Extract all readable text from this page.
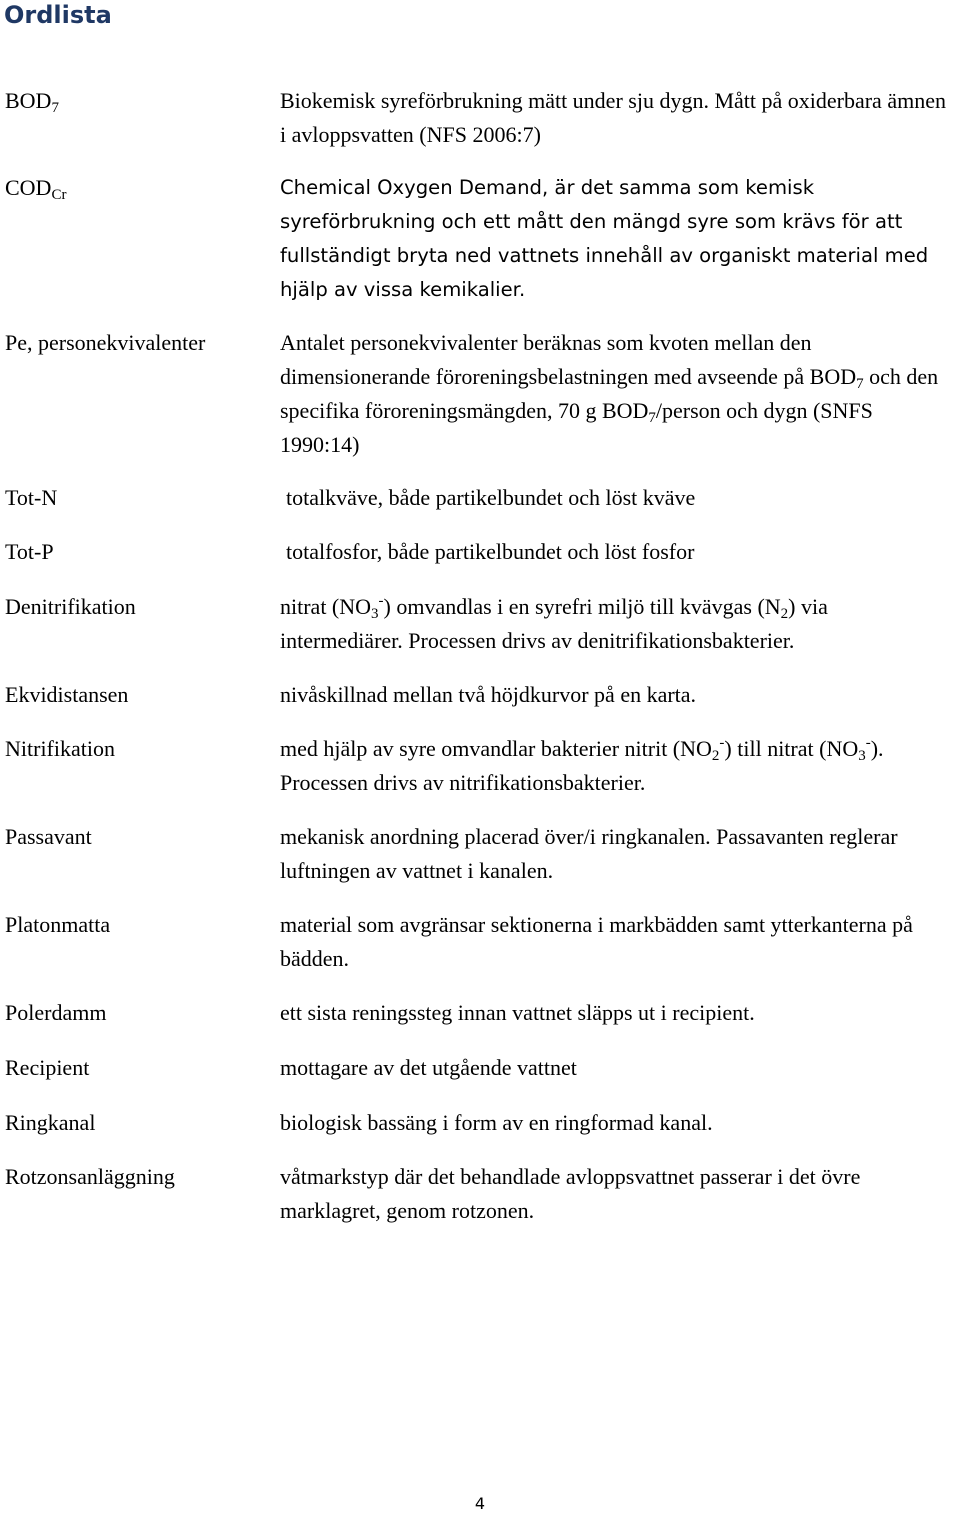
Ordlista
$BOD_7$	Biokemisk syreförbrukning mätt under sju dygn. Mått på oxiderbara ämnen i avloppsvatten (NFS 2006:7)
$COD_{Cr}$	Chemical Oxygen Demand, är det samma som kemisk syreförbrukning och ett mått den mängd syre som krävs för att fullständigt bryta ned vattnets innehåll av organiskt material med hjälp av vissa kemikalier.
Pe, personekvivalenter	Antalet personekvivalenter beräknas som kvoten mellan den dimensionerande föroreningsbelastningen med avseende på $BOD_7$ och den specifika föroreningsmängden, 70 g $BOD_7$/person och dygn (SNFS 1990:14)
Tot-N	totalkväve, både partikelbundet och löst kväve
Tot-P	totalfosfor, både partikelbundet och löst fosfor
Denitrifikation	nitrat $(NO_3^-)$ omvandlas i en syrefri miljö till kvävgas $(N_2)$ via intermediärer. Processen drivs av denitrifikationsbakterier.
Ekvidistansen	nivåskillnad mellan två höjdkurvor på en karta.
Nitrifikation	med hjälp av syre omvandlar bakterier nitrit $(NO_2^-)$ till nitrat $(NO_3^-)$. Processen drivs av nitrifikationsbakterier.
Passavant	mekanisk anordning placerad över/i ringkanalen. Passavanten reglerar luftningen av vattnet i kanalen.
Platonmatta	material som avgränsar sektionerna i markbädden samt ytterkanterna på bädden.
Polerdamm	ett sista reningssteg innan vattnet släpps ut i recipient.
Recipient	mottagare av det utgående vattnet
Ringkanal	biologisk bassäng i form av en ringformad kanal.
Rotzonsanläggning	våtmarkstyp där det behandlade avloppsvattnet passerar i det övre marklagret, genom rotzonen.
4
